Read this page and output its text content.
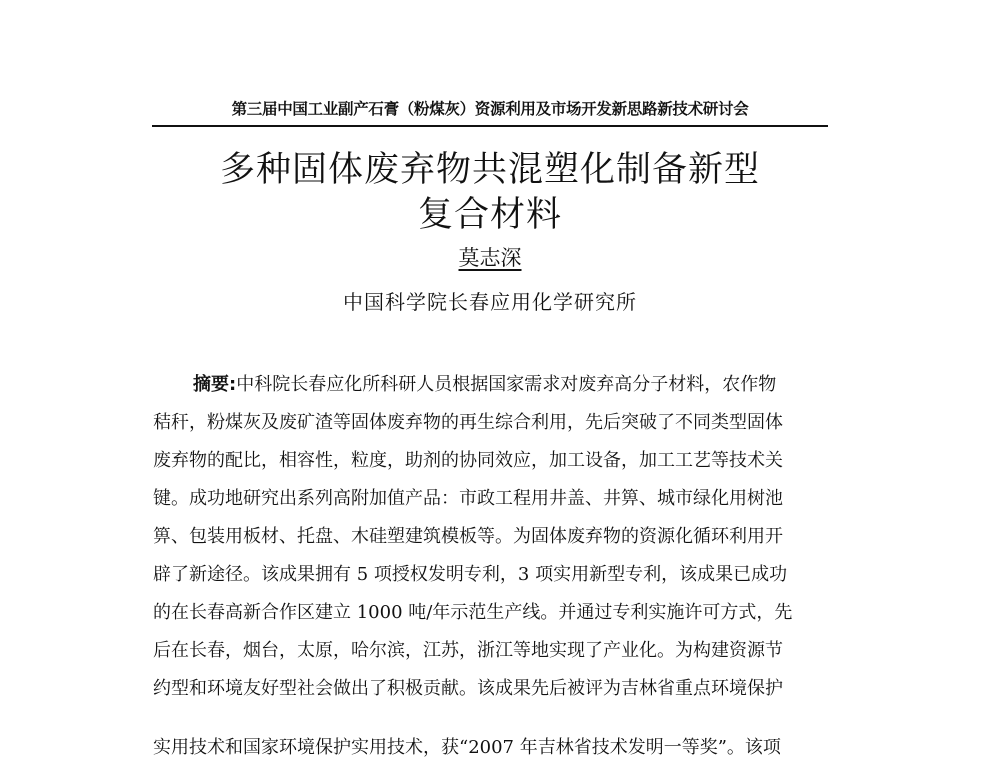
第三届中国工业副产石膏（粉煤灰）资源利用及市场开发新思路新技术研讨会
多种固体废弃物共混塑化制备新型
复合材料
莫志深
中国科学院长春应用化学研究所
摘要:中科院长春应化所科研人员根据国家需求对废弃高分子材料，农作物
秸秆，粉煤灰及废矿渣等固体废弃物的再生综合利用，先后突破了不同类型固体
废弃物的配比，相容性，粒度，助剂的协同效应，加工设备，加工工艺等技术关
键。成功地研究出系列高附加值产品：市政工程用井盖、井箅、城市绿化用树池
箅、包装用板材、托盘、木硅塑建筑模板等。为固体废弃物的资源化循环利用开
辟了新途径。该成果拥有 5 项授权发明专利，3 项实用新型专利，该成果已成功
的在长春高新合作区建立 1000 吨/年示范生产线。并通过专利实施许可方式，先
后在长春，烟台，太原，哈尔滨，江苏，浙江等地实现了产业化。为构建资源节
约型和环境友好型社会做出了积极贡献。该成果先后被评为吉林省重点环境保护
实用技术和国家环境保护实用技术，获“2007 年吉林省技术发明一等奖”。该项
